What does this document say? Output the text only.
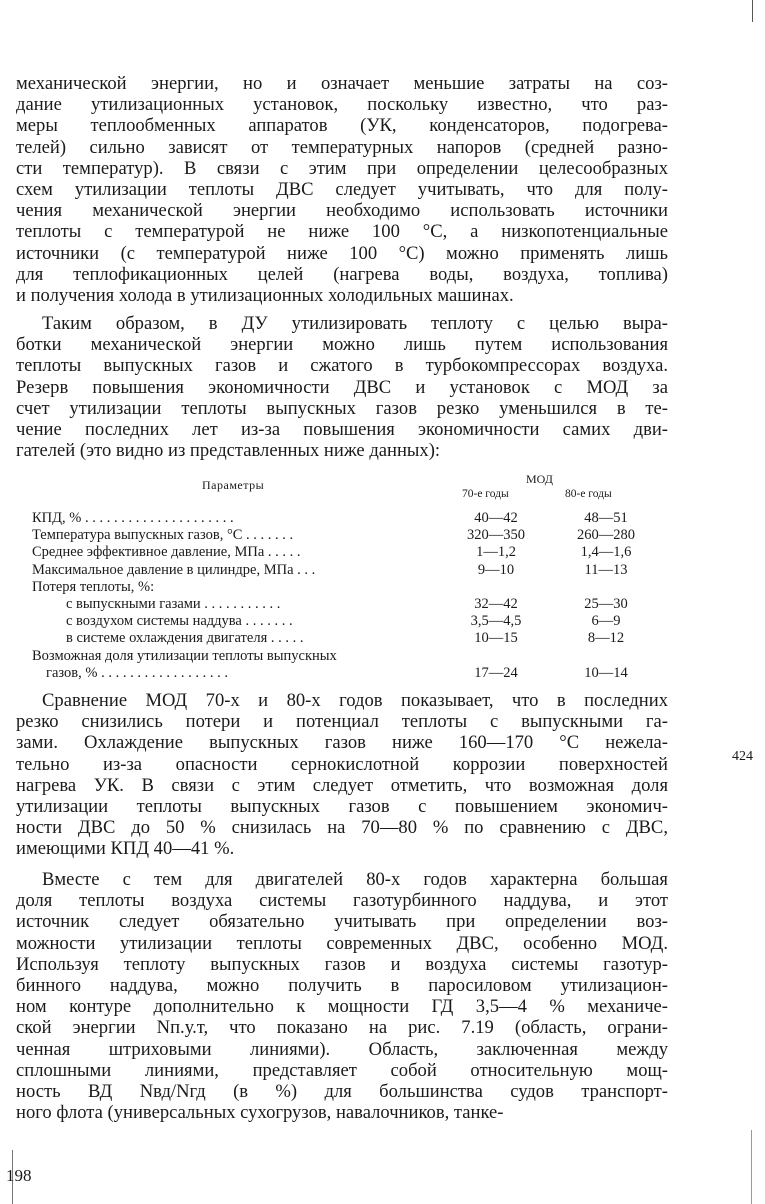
механической энергии, но и означает меньшие затраты на соз-
дание утилизационных установок, поскольку известно, что раз-
меры теплообменных аппаратов (УК, конденсаторов, подогрева-
телей) сильно зависят от температурных напоров (средней разно-
сти температур). В связи с этим при определении целесообразных
схем утилизации теплоты ДВС следует учитывать, что для полу-
чения механической энергии необходимо использовать источники
теплоты с температурой не ниже 100 °С, а низкопотенциальные
источники (с температурой ниже 100 °С) можно применять лишь
для теплофикационных целей (нагрева воды, воздуха, топлива)
и получения холода в утилизационных холодильных машинах.
Таким образом, в ДУ утилизировать теплоту с целью выра-
ботки механической энергии можно лишь путем использования
теплоты выпускных газов и сжатого в турбокомпрессорах воздуха.
Резерв повышения экономичности ДВС и установок с МОД за
счет утилизации теплоты выпускных газов резко уменьшился в те-
чение последних лет из-за повышения экономичности самих дви-
гателей (это видно из представленных ниже данных):
Параметры	МОД
70-е годы	80-е годы
КПД, % . . . . . . . . . . . . . . . . . . . . .	40—42	48—51
Температура выпускных газов, °С . . . . . . .	320—350	260—280
Среднее эффективное давление, МПа . . . . .	1—1,2	1,4—1,6
Максимальное давление в цилиндре, МПа . . .	9—10	11—13
Потеря теплоты, %:
с выпускными газами . . . . . . . . . . .	32—42	25—30
с воздухом системы наддува . . . . . . .	3,5—4,5	6—9
в системе охлаждения двигателя . . . . .	10—15	8—12
Возможная доля утилизации теплоты выпускных
газов, % . . . . . . . . . . . . . . . . . .	17—24	10—14
Сравнение МОД 70-х и 80-х годов показывает, что в последних
резко снизились потери и потенциал теплоты с выпускными га-
зами. Охлаждение выпускных газов ниже 160—170 °С нежела-
тельно из-за опасности сернокислотной коррозии поверхностей
нагрева УК. В связи с этим следует отметить, что возможная доля
утилизации теплоты выпускных газов с повышением экономич-
ности ДВС до 50 % снизилась на 70—80 % по сравнению с ДВС,
имеющими КПД 40—41 %.
Вместе с тем для двигателей 80-х годов характерна большая
доля теплоты воздуха системы газотурбинного наддува, и этот
источник следует обязательно учитывать при определении воз-
можности утилизации теплоты современных ДВС, особенно МОД.
Используя теплоту выпускных газов и воздуха системы газотур-
бинного наддува, можно получить в паросиловом утилизацион-
ном контуре дополнительно к мощности ГД 3,5—4 % механиче-
ской энергии Nп.у.т, что показано на рис. 7.19 (область, ограни-
ченная штриховыми линиями). Область, заключенная между
сплошными линиями, представляет собой относительную мощ-
ность ВД Nвд/Nгд (в %) для большинства судов транспорт-
ного флота (универсальных сухогрузов, навалочников, танке-
424
198
